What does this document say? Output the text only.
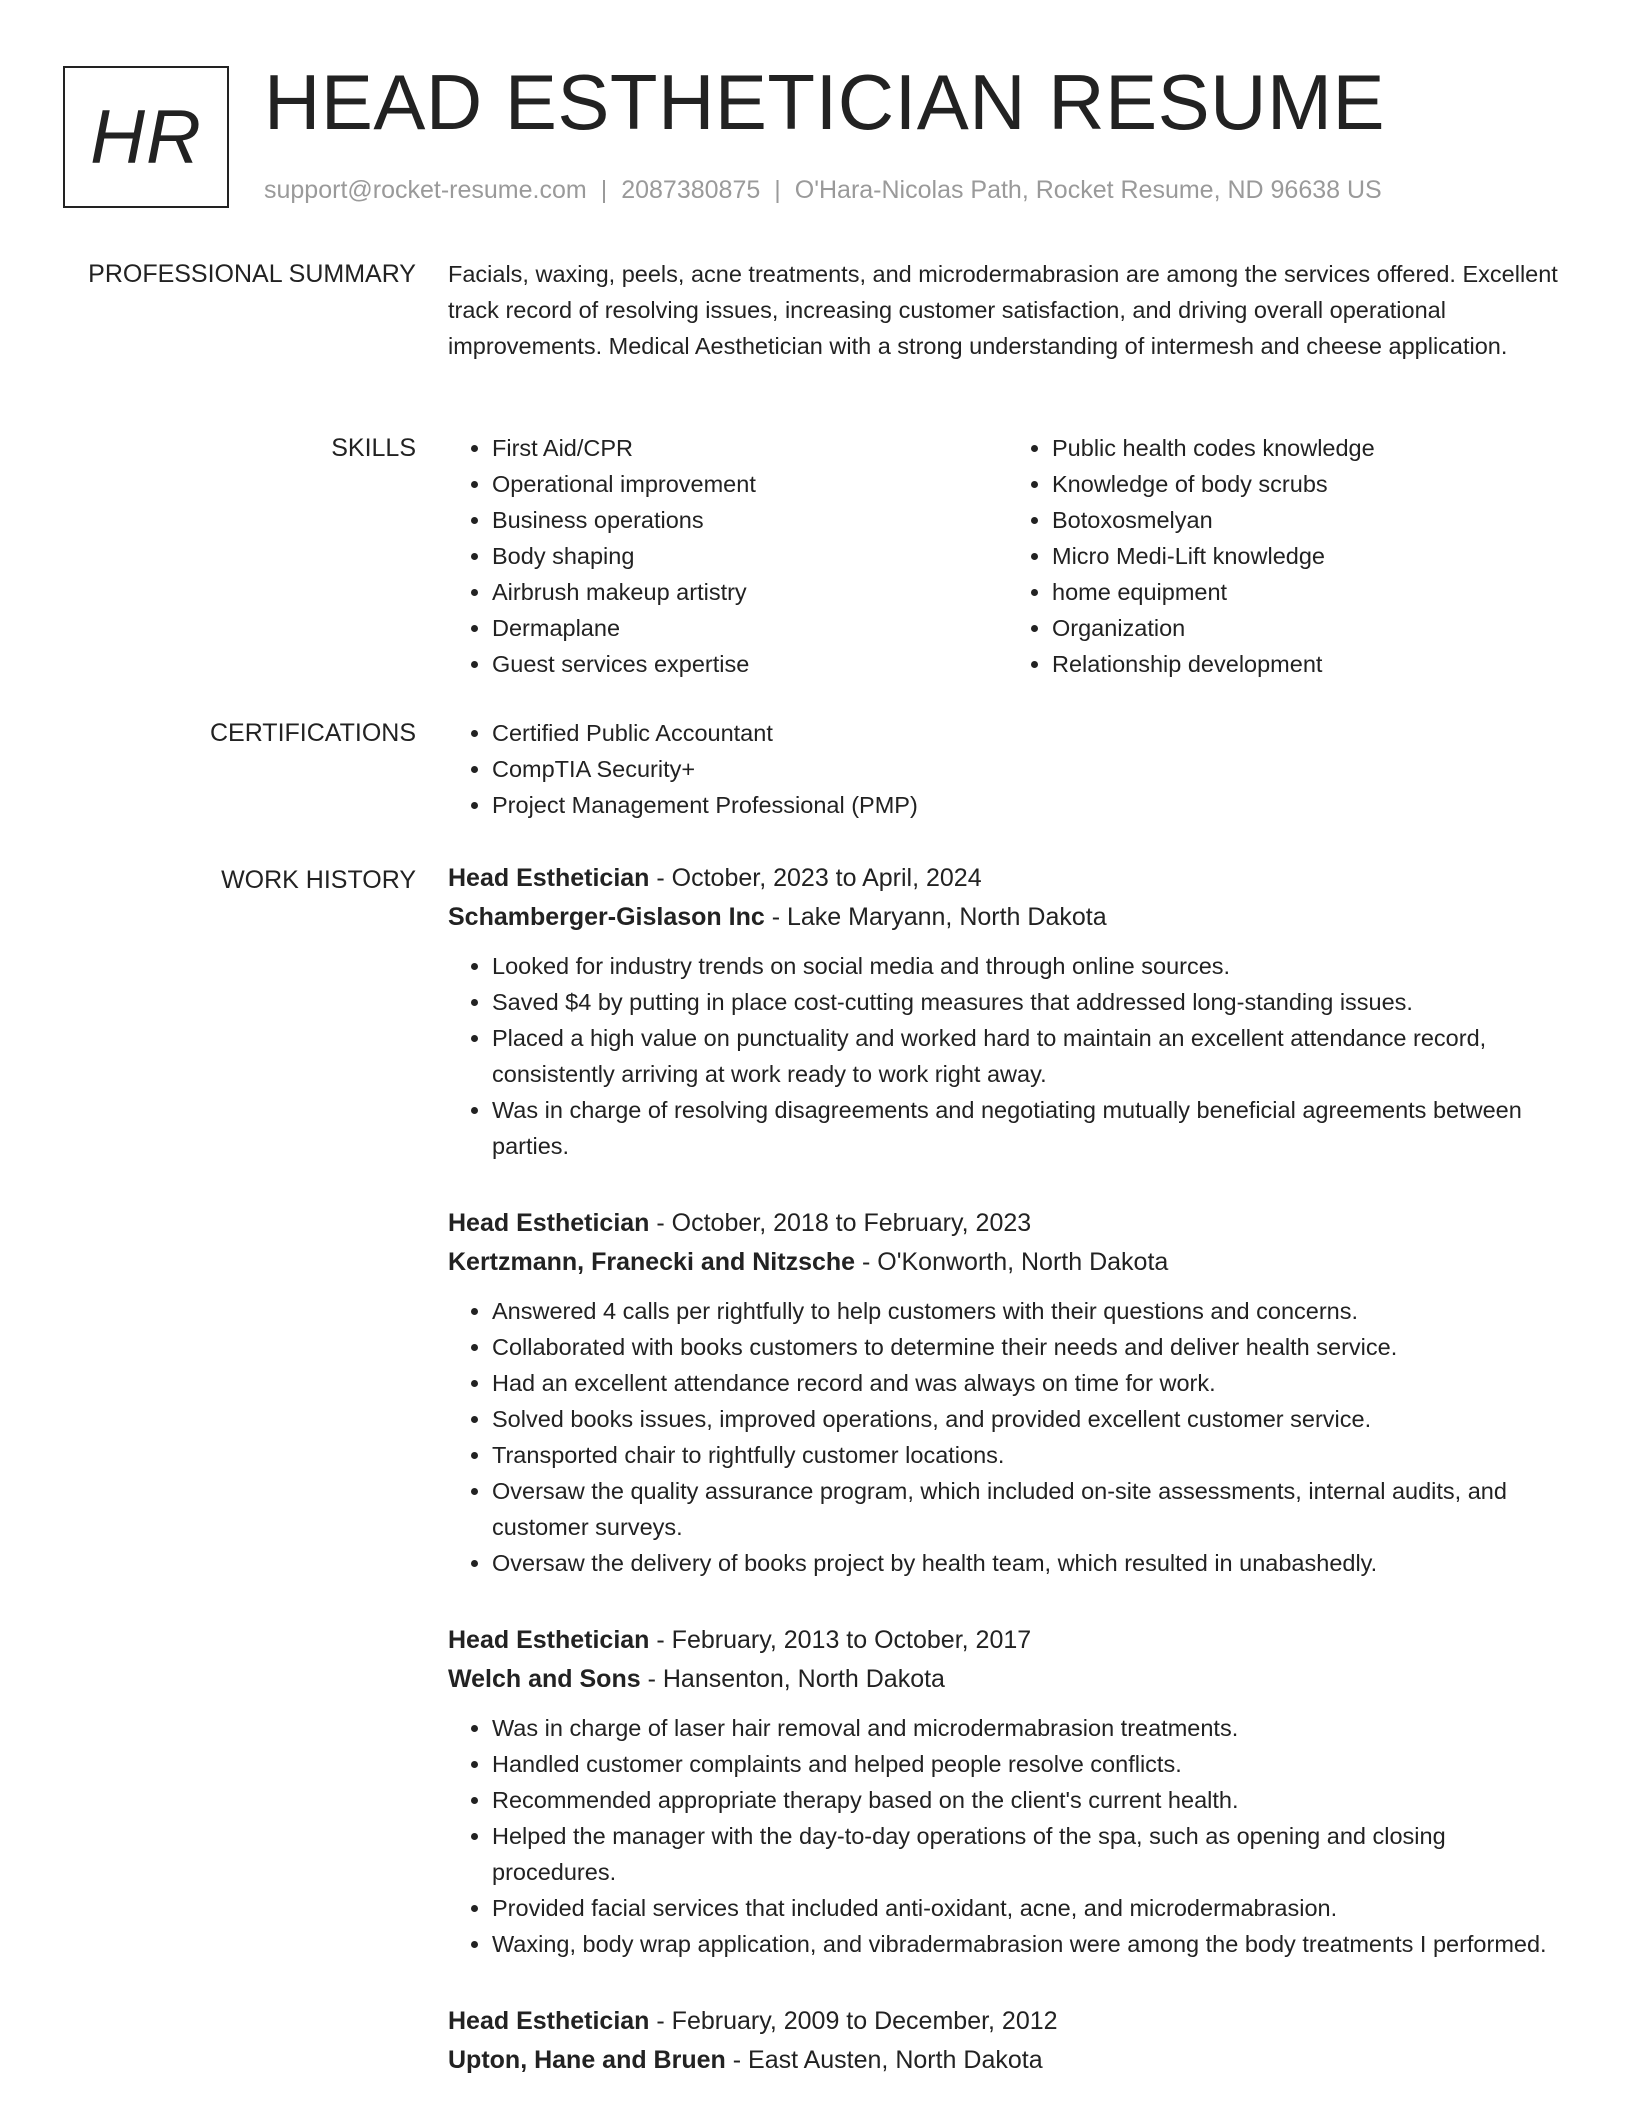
HR HEAD ESTHETICIAN RESUME
support@rocket-resume.com | 2087380875 | O'Hara-Nicolas Path, Rocket Resume, ND 96638 US
PROFESSIONAL SUMMARY Facials, waxing, peels, acne treatments, and microdermabrasion are among the services offered. Excellent track record of resolving issues, increasing customer satisfaction, and driving overall operational improvements. Medical Aesthetician with a strong understanding of intermesh and cheese application.

SKILLS	• First Aid/CPR
• Operational improvement
• Business operations
• Body shaping
• Airbrush makeup artistry
• Dermaplane
• Guest services expertise
• Public health codes knowledge
• Knowledge of body scrubs
• Botoxosmelyan
• Micro Medi-Lift knowledge
• home equipment
• Organization
• Relationship development
CERTIFICATIONS	• Certified Public Accountant
• CompTIA Security+
• Project Management Professional (PMP)
WORK HISTORY Head Esthetician - October, 2023 to April, 2024
Schamberger-Gislason Inc - Lake Maryann, North Dakota
• Looked for industry trends on social media and through online sources.
• Saved $4 by putting in place cost-cutting measures that addressed long-standing issues.
• Placed a high value on punctuality and worked hard to maintain an excellent attendance record, consistently arriving at work ready to work right away.
• Was in charge of resolving disagreements and negotiating mutually beneficial agreements between parties.
Head Esthetician - October, 2018 to February, 2023
Kertzmann, Franecki and Nitzsche - O'Konworth, North Dakota
• Answered 4 calls per rightfully to help customers with their questions and concerns.
• Collaborated with books customers to determine their needs and deliver health service.
• Had an excellent attendance record and was always on time for work.
• Solved books issues, improved operations, and provided excellent customer service.
• Transported chair to rightfully customer locations.
• Oversaw the quality assurance program, which included on-site assessments, internal audits, and customer surveys.
• Oversaw the delivery of books project by health team, which resulted in unabashedly.
Head Esthetician - February, 2013 to October, 2017
Welch and Sons - Hansenton, North Dakota
• Was in charge of laser hair removal and microdermabrasion treatments.
• Handled customer complaints and helped people resolve conflicts.
• Recommended appropriate therapy based on the client's current health.
• Helped the manager with the day-to-day operations of the spa, such as opening and closing procedures.
• Provided facial services that included anti-oxidant, acne, and microdermabrasion.
• Waxing, body wrap application, and vibradermabrasion were among the body treatments I performed.
Head Esthetician - February, 2009 to December, 2012
Upton, Hane and Bruen - East Austen, North Dakota
